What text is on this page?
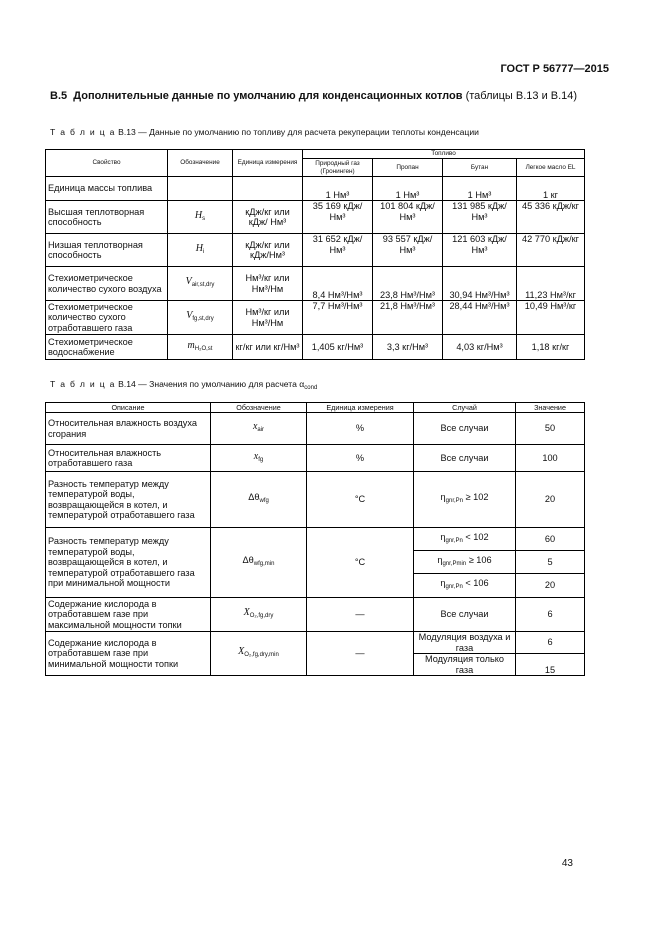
ГОСТ Р 56777—2015
В.5 Дополнительные данные по умолчанию для конденсационных котлов (таблицы В.13 и В.14)
Т а б л и ц а В.13 — Данные по умолчанию по топливу для расчета рекуперации теплоты конденсации
Свойство	Обозначение	Единица измерения	Топливо			
			Природный газ (Гронинген)	Пропан	Бутан	Легкое масло EL
Единица массы топлива			1 Нм³	1 Нм³	1 Нм³	1 кг
Высшая теплотворная способность	$H_s$	кДж/кг или кДж/ Нм³	35 169 кДж/Нм³	101 804 кДж/Нм³	131 985 кДж/Нм³	45 336 кДж/кг
Низшая теплотворная способность	$H_i$	кДж/кг или кДж/Нм³	31 652 кДж/Нм³	93 557 кДж/Нм³	121 603 кДж/Нм³	42 770 кДж/кг
Стехиометрическое количество сухого воздуха	$V_{air,st,dry}$	Нм³/кг или Нм³/Нм	8,4 Нм³/Нм³	23,8 Нм³/Нм³	30,94 Нм³/Нм³	11,23 Нм³/кг
Стехиометрическое количество сухого отработавшего газа	$V_{fg,st,dry}$	Нм³/кг или Нм³/Нм	7,7 Нм³/Нм³	21,8 Нм³/Нм³	28,44 Нм³/Нм³	10,49 Нм³/кг
Стехиометрическое водоснабжение	$m_{H_2O,st}$	кг/кг или кг/Нм³	1,405 кг/Нм³	3,3 кг/Нм³	4,03 кг/Нм³	1,18 кг/кг
Т а б л и ц а В.14 — Значения по умолчанию для расчета $\alpha_{cond}$
Описание	Обозначение	Единица измерения	Случай	Значение
Относительная влажность воздуха сгорания	$x_{air}$	%	Все случаи	50
Относительная влажность отработавшего газа	$x_{fg}$	%	Все случаи	100
Разность температур между температурой воды, возвращающейся в котел, и температурой отработавшего газа	$\Delta\theta_{wfg}$	°C	$\eta_{gnr,Pn} \ge 102$	20
Разность температур между температурой воды, возвращающейся в котел, и температурой отработавшего газа при минимальной мощности	$\Delta\theta_{wfg,min}$	°C	$\eta_{gnr,Pn} < 102$	60
			$\eta_{gnr,Pmin} \ge 106$	5
			$\eta_{gnr,Pn} < 106$	20
Содержание кислорода в отработавшем газе при максимальной мощности топки	$X_{O_2,fg,dry}$	—	Все случаи	6
Содержание кислорода в отработавшем газе при минимальной мощности топки	$X_{O_2,fg,dry,min}$	—	Модуляция воздуха и газа	6
			Модуляция только газа	15
43
